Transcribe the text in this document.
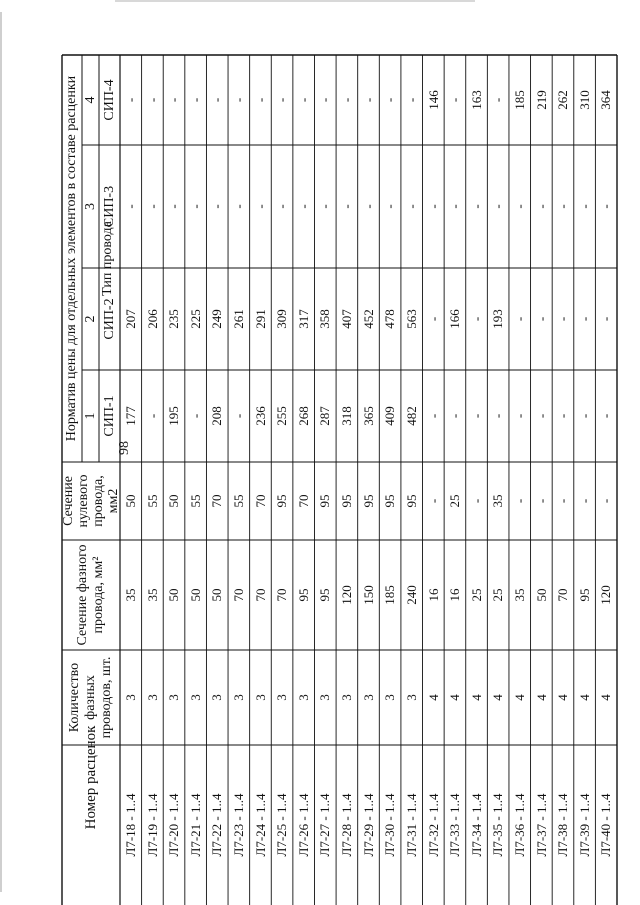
98
Номер расценок
Количество фазных проводов, шт.
Сечение фазного провода, мм²
Сечение нулевого провода, мм2
Норматив цены для отдельных элементов в составе расценки Тип провода
1
2
3
4
СИП-1
СИП-2
СИП-3
СИП-4
Л7-18 - 1..4
3
35
50
177
207
-
-
Л7-19 - 1..4
3
35
55
-
206
-
-
Л7-20 - 1..4
3
50
50
195
235
-
-
Л7-21 - 1..4
3
50
55
-
225
-
-
Л7-22 - 1..4
3
50
70
208
249
-
-
Л7-23 - 1..4
3
70
55
-
261
-
-
Л7-24 - 1..4
3
70
70
236
291
-
-
Л7-25 - 1..4
3
70
95
255
309
-
-
Л7-26 - 1..4
3
95
70
268
317
-
-
Л7-27 - 1..4
3
95
95
287
358
-
-
Л7-28 - 1..4
3
120
95
318
407
-
-
Л7-29 - 1..4
3
150
95
365
452
-
-
Л7-30 - 1..4
3
185
95
409
478
-
-
Л7-31 - 1..4
3
240
95
482
563
-
-
Л7-32 - 1..4
4
16
-
-
-
-
146
Л7-33 - 1..4
4
16
25
-
166
-
-
Л7-34 - 1..4
4
25
-
-
-
-
163
Л7-35 - 1..4
4
25
35
-
193
-
-
Л7-36 - 1..4
4
35
-
-
-
-
185
Л7-37 - 1..4
4
50
-
-
-
-
219
Л7-38 - 1..4
4
70
-
-
-
-
262
Л7-39 - 1..4
4
95
-
-
-
-
310
Л7-40 - 1..4
4
120
-
-
-
-
364
